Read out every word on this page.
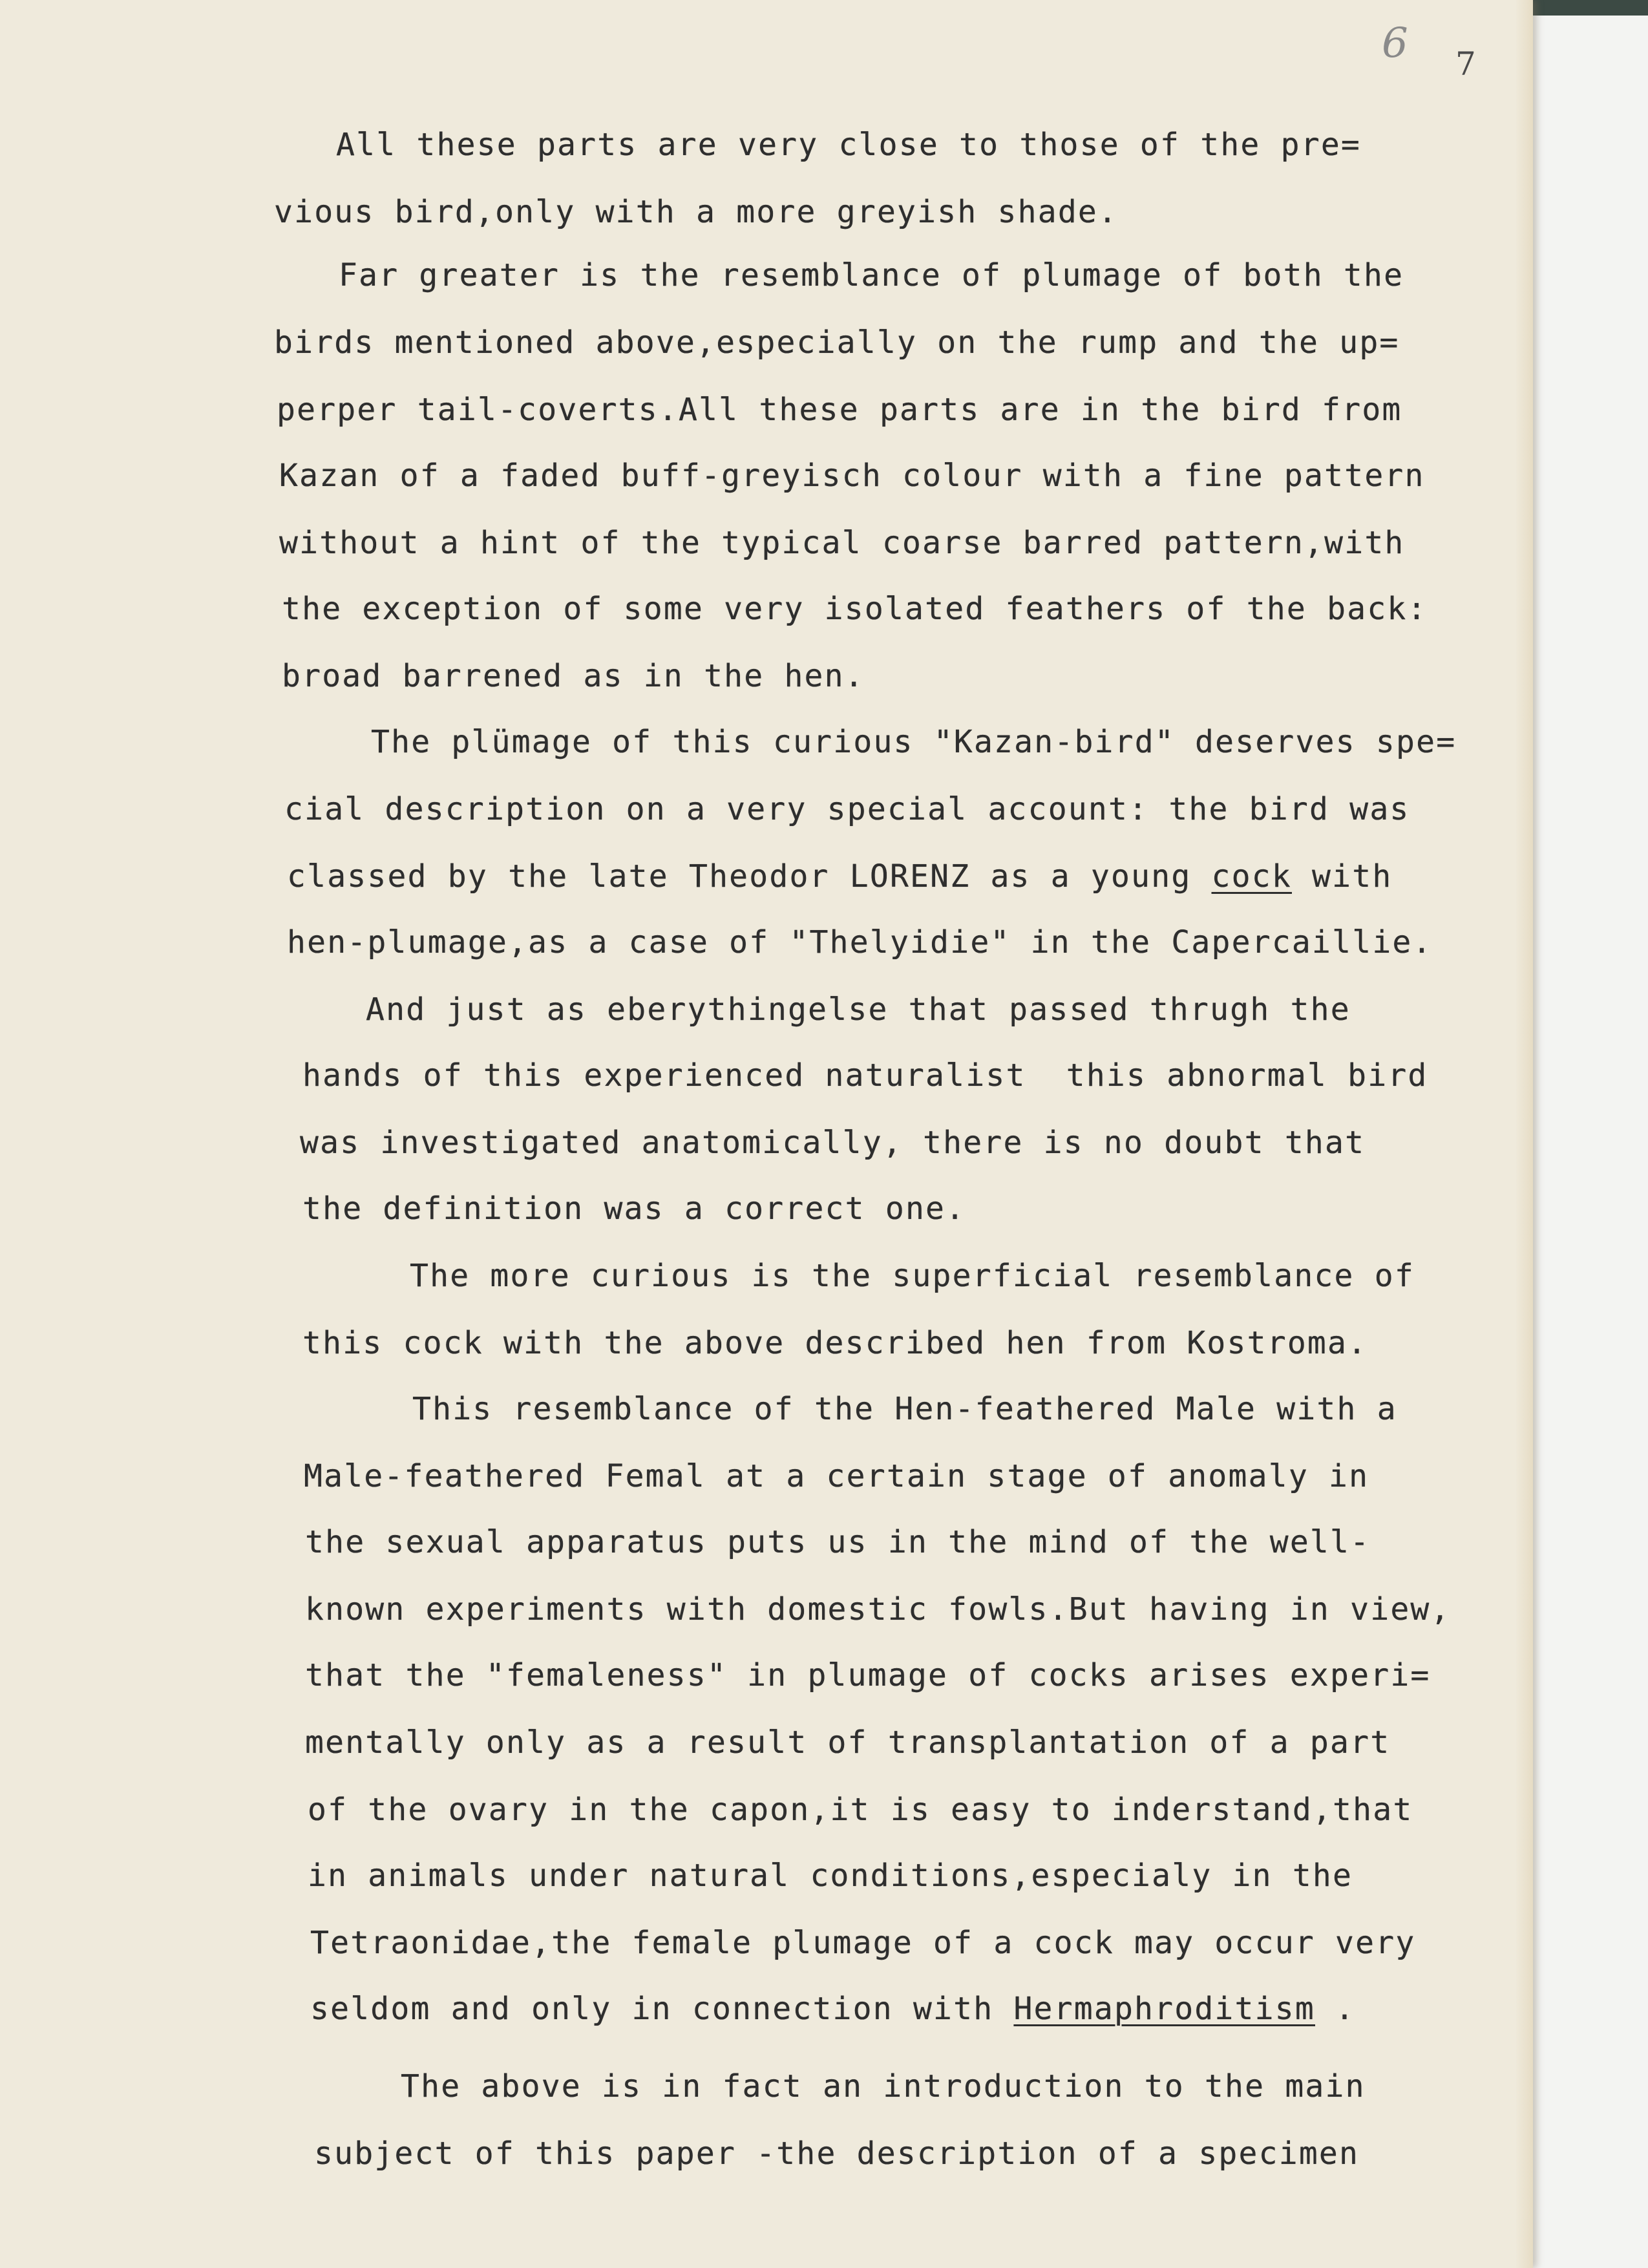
6 7
All these parts are very close to those of the pre=
vious bird,only with a more greyish shade.
Far greater is the resemblance of plumage of both the
birds mentioned above,especially on the rump and the up=
perper tail-coverts.All these parts are in the bird from
Kazan of a faded buff-greyisch colour with a fine pattern
without a hint of the typical coarse barred pattern,with
the exception of some very isolated feathers of the back:
broad barrened as in the hen.
The plümage of this curious "Kazan-bird" deserves spe=
cial description on a very special account: the bird was
classed by the late Theodor LORENZ as a young cock with
hen-plumage,as a case of "Thelyidie" in the Capercaillie.
And just as eberythingelse that passed thrugh the
hands of this experienced naturalist  this abnormal bird
was investigated anatomically, there is no doubt that
the definition was a correct one.
The more curious is the superficial resemblance of
this cock with the above described hen from Kostroma.
This resemblance of the Hen-feathered Male with a
Male-feathered Femal at a certain stage of anomaly in
the sexual apparatus puts us in the mind of the well-
known experiments with domestic fowls.But having in view,
that the "femaleness" in plumage of cocks arises experi=
mentally only as a result of transplantation of a part
of the ovary in the capon,it is easy to inderstand,that
in animals under natural conditions,especialy in the
Tetraonidae,the female plumage of a cock may occur very
seldom and only in connection with Hermaphroditism .
The above is in fact an introduction to the main
subject of this paper -the description of a specimen
